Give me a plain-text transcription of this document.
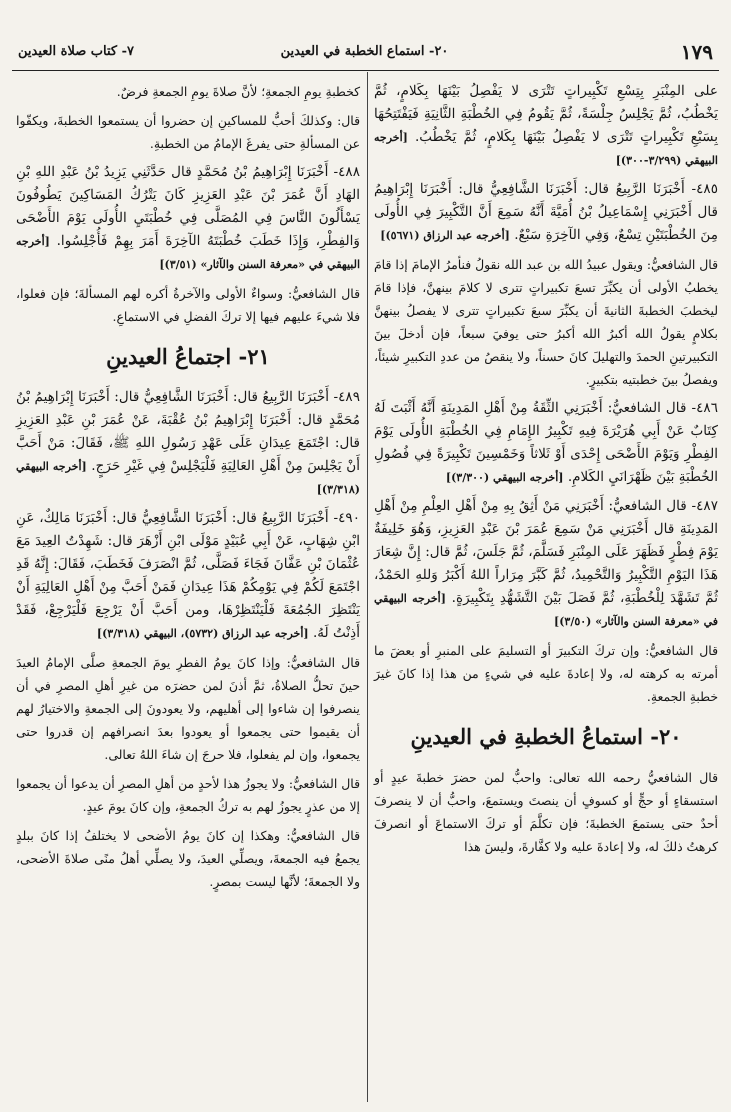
١٧٩
٢٠- استماع الخطبة في العيدين
٧- كتاب صلاة العيدين

على المِنْبَرِ بِتِسْعِ تَكْبِيراتٍ تَتْرَى لا يَفْصِلُ بَيْنَهَا بِكَلامٍ، ثُمَّ يَخْطُبُ، ثُمَّ يَجْلِسُ جِلْسَةً، ثُمَّ يَقُومُ فِي الخُطْبَةِ الثَّانِيَةِ فَيَفْتَتِحُهَا بِسَبْعِ تَكْبِيراتٍ تَتْرَى لا يَفْصِلُ بَيْنَهَا بِكَلامٍ، ثُمَّ يَخْطُبُ. [أخرجه البيهقي (٣/٢٩٩-٣٠٠)]

٤٨٥- أَخْبَرَنَا الرَّبِيعُ قال: أَخْبَرَنَا الشَّافِعِيُّ قال: أَخْبَرَنَا إِبْرَاهِيمُ قال أَخْبَرَنِي إِسْمَاعِيلُ بْنُ أُمَيَّةَ أَنَّهُ سَمِعَ أَنَّ التَّكْبِيرَ فِي الأُولَى مِنَ الخُطْبَتَيْنِ تِسْعٌ، وَفِي الآخِرَةِ سَبْعٌ. [أخرجه عبد الرزاق (٥٦٧١)]

قال الشافعيُّ: ويقول عبيدُ الله بن عبد الله نقولُ فنأمرُ الإمامَ إذا قامَ يخطبُ الأولى أن يكبِّرَ تسعَ تكبيراتٍ تترى لا كلامَ بينهنَّ، فإذا قامَ ليخطبَ الخطبةَ الثانيةَ أن يكبِّرَ سبعَ تكبيراتٍ تترى لا يفصلُ بينهنَّ بكلامٍ يقولُ الله أكبرُ الله أكبرُ حتى يوفيَ سبعاً، فإن أدخلَ بينَ التكبيرتينِ الحمدَ والتهليلَ كانَ حسناً، ولا ينقصُ من عددِ التكبيرِ شيئاً، ويفصلُ بينَ خطبتيه بتكبيرٍ.

٤٨٦- قال الشافعيُّ: أَخْبَرَنِي الثِّقَةُ مِنْ أَهْلِ المَدِينَةِ أَنَّهُ أَثْبَتَ لَهُ كِتَابٌ عَنْ أَبِي هُرَيْرَةَ فِيهِ تَكْبِيرُ الإِمَامِ فِي الخُطْبَةِ الأُولَى يَوْمَ الفِطْرِ وَيَوْمَ الأَضْحَى إِحْدَى أَوْ ثَلاثاً وَخَمْسِينَ تَكْبِيرَةً فِي فُصُولِ الخُطْبَةِ بَيْنَ ظَهْرَانَيِ الكَلامِ. [أخرجه البيهقي (٣/٣٠٠)]

٤٨٧- قال الشافعيُّ: أَخْبَرَنِي مَنْ أَثِقُ بِهِ مِنْ أَهْلِ العِلْمِ مِنْ أَهْلِ المَدِينَةِ قال أَخْبَرَنِي مَنْ سَمِعَ عُمَرَ بْنَ عَبْدِ العَزِيزِ، وَهُوَ خَلِيفَةٌ يَوْمَ فِطْرٍ فَظَهَرَ عَلَى المِنْبَرِ فَسَلَّمَ، ثُمَّ جَلَسَ، ثُمَّ قال: إِنَّ شِعَارَ هَذَا اليَوْمِ التَّكْبِيرُ وَالتَّحْمِيدُ، ثُمَّ كَبَّرَ مِرَاراً اللهُ أَكْبَرُ وَللهِ الحَمْدُ، ثُمَّ تَشَهَّدَ لِلْخُطْبَةِ، ثُمَّ فَصَلَ بَيْنَ التَّشَهُّدِ بِتَكْبِيرَةٍ. [أخرجه البيهقي في «معرفة السنن والآثار» (٣/٥٠)]

قال الشافعيُّ: وإن تركَ التكبيرَ أو التسليمَ على المنبرِ أو بعضَ ما أمرته به كرهته له، ولا إعادةَ عليه في شيءٍ من هذا إذا كانَ غيرَ خطبةِ الجمعةِ.

٢٠- استماعُ الخطبةِ في العيدينِ

قال الشافعيُّ رحمه الله تعالى: واحبُّ لمن حضرَ خطبةَ عيدٍ أو استسقاءٍ أو حجٍّ أو كسوفٍ أن ينصتَ ويستمعَ، واحبُّ أن لا ينصرفَ أحدٌ حتى يستمعَ الخطبةَ؛ فإن تكلَّمَ أو تركَ الاستماعَ أو انصرفَ كرهتُ ذلكَ له، ولا إعادةَ عليه ولا كفَّارةَ، وليسَ هذا

كخطبةِ يومِ الجمعةِ؛ لأنَّ صلاةَ يومِ الجمعةِ فرضٌ.

قال: وكذلكَ أحبُّ للمساكينِ إن حضروا أن يستمعوا الخطبةَ، ويكفّوا عن المسألةِ حتى يفرغَ الإمامُ من الخطبةِ.

٤٨٨- أَخْبَرَنَا إِبْرَاهِيمُ بْنُ مُحَمَّدٍ قال حَدَّثَنِي يَزِيدُ بْنُ عَبْدِ اللهِ بْنِ الهَادِ أَنَّ عُمَرَ بْنَ عَبْدِ العَزِيزِ كَانَ يَتْرُكُ المَسَاكِينَ يَطُوفُونَ يَسْأَلُونَ النَّاسَ فِي المُصَلَّى فِي خُطْبَتَيِ الأُولَى يَوْمَ الأَضْحَى وَالفِطْرِ، وَإِذَا خَطَبَ خُطْبَتَهُ الآخِرَةَ أَمَرَ بِهِمْ فَأُجْلِسُوا. [أخرجه البيهقي في «معرفة السنن والآثار» (٣/٥١)]

قال الشافعيُّ: وسواءٌ الأولى والآخرةُ أكره لهم المسألةَ؛ فإن فعلوا، فلا شيءَ عليهم فيها إلا تركَ الفضلِ في الاستماعِ.

٢١- اجتماعُ العيدينِ

٤٨٩- أَخْبَرَنَا الرَّبِيعُ قال: أَخْبَرَنَا الشَّافِعِيُّ قال: أَخْبَرَنَا إِبْرَاهِيمُ بْنُ مُحَمَّدٍ قال: أَخْبَرَنَا إِبْرَاهِيمُ بْنُ عُقْبَةَ، عَنْ عُمَرَ بْنِ عَبْدِ العَزِيزِ قال: اجْتَمَعَ عِيدَانِ عَلَى عَهْدِ رَسُولِ اللهِ ﷺ، فَقَالَ: مَنْ أَحَبَّ أَنْ يَجْلِسَ مِنْ أَهْلِ العَالِيَةِ فَلْيَجْلِسْ فِي غَيْرِ حَرَجٍ. [أخرجه البيهقي (٣/٣١٨)]

٤٩٠- أَخْبَرَنَا الرَّبِيعُ قال: أَخْبَرَنَا الشَّافِعِيُّ قال: أَخْبَرَنَا مَالِكٌ، عَنِ ابْنِ شِهَابٍ، عَنْ أَبِي عُبَيْدٍ مَوْلَى ابْنِ أَزْهَرَ قال: شَهِدْتُ العِيدَ مَعَ عُثْمَانَ بْنِ عَفَّانَ فَجَاءَ فَصَلَّى، ثُمَّ انْصَرَفَ فَخَطَبَ، فَقَالَ: إِنَّهُ قَدِ اجْتَمَعَ لَكُمْ فِي يَوْمِكُمْ هَذَا عِيدَانِ فَمَنْ أَحَبَّ مِنْ أَهْلِ العَالِيَةِ أَنْ يَنْتَظِرَ الجُمُعَةَ فَلْيَنْتَظِرْهَا، ومن أَحَبَّ أَنْ يَرْجِعَ فَلْيَرْجِعْ، فَقَدْ أَذِنْتُ لَهُ. [أخرجه عبد الرزاق (٥٧٣٢)، البيهقي (٣/٣١٨)]

قال الشافعيُّ: وإذا كانَ يومُ الفطرِ يومَ الجمعةِ صلَّى الإمامُ العيدَ حينَ تحلُّ الصلاةُ، ثمَّ أذنَ لمن حضرَه من غيرِ أهلِ المصرِ في أن ينصرفوا إن شاءوا إلى أهليهم، ولا يعودونَ إلى الجمعةِ والاختيارُ لهم أن يقيموا حتى يجمعوا أو يعودوا بعدَ انصرافهم إن قدروا حتى يجمعوا، وإن لم يفعلوا، فلا حرجَ إن شاءَ اللهُ تعالى.

قال الشافعيُّ: ولا يجوزُ هذا لأحدٍ من أهلِ المصرِ أن يدعوا أن يجمعوا إلا من عذرٍ يجوزُ لهم به تركُ الجمعةِ، وإن كانَ يومَ عيدٍ.

قال الشافعيُّ: وهكذا إن كانَ يومُ الأضحى لا يختلفُ إذا كانَ ببلدٍ يجمعُ فيه الجمعةَ، ويصلِّي العيدَ، ولا يصلِّي أهلُ منًى صلاةَ الأضحى، ولا الجمعةَ؛ لأنَّها ليست بمصرٍ.
